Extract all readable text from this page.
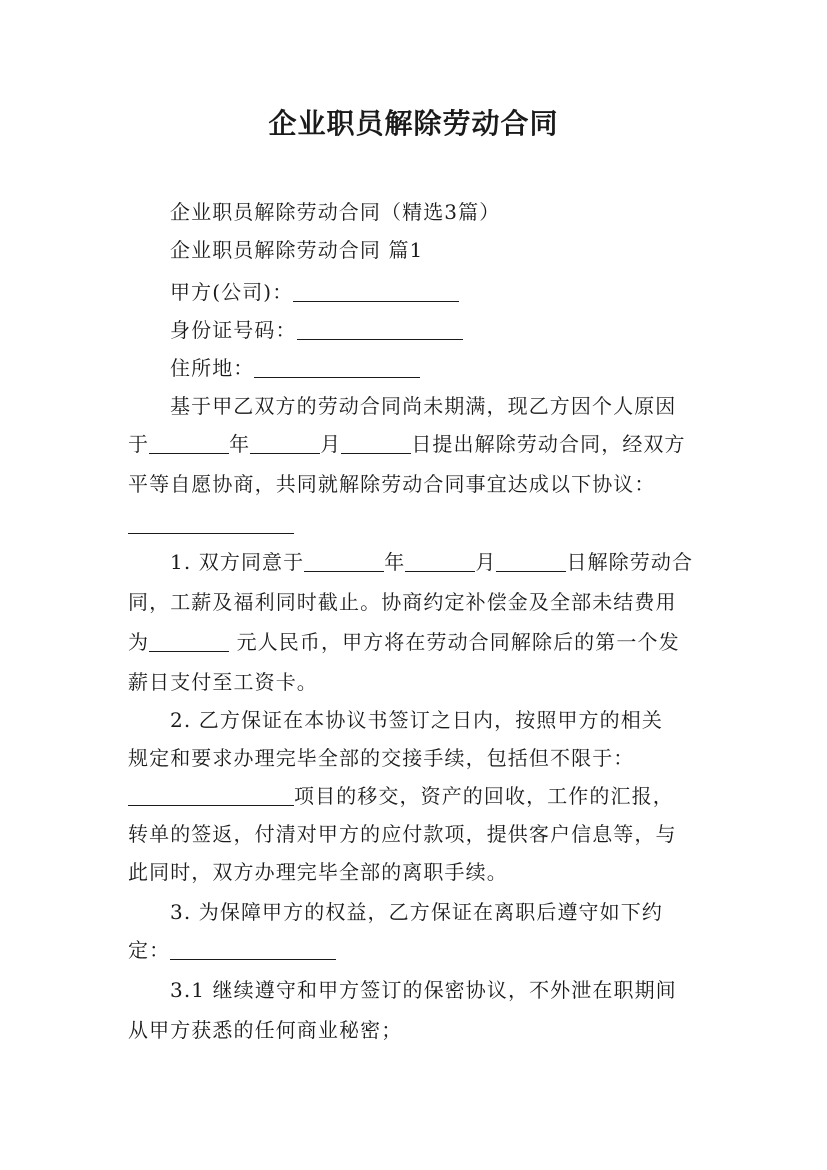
企业职员解除劳动合同
企业职员解除劳动合同（精选3篇）
企业职员解除劳动合同 篇1
甲方(公司)：
身份证号码：
住所地：
基于甲乙双方的劳动合同尚未期满，现乙方因个人原因
于	年	月	日提出解除劳动合同，经双方
平等自愿协商，共同就解除劳动合同事宜达成以下协议：
1. 双方同意于	年	月	日解除劳动合
同，工薪及福利同时截止。协商约定补偿金及全部未结费用
为	元人民币，甲方将在劳动合同解除后的第一个发
薪日支付至工资卡。
2. 乙方保证在本协议书签订之日内，按照甲方的相关
规定和要求办理完毕全部的交接手续，包括但不限于：
项目的移交，资产的回收，工作的汇报，
转单的签返，付清对甲方的应付款项，提供客户信息等，与
此同时，双方办理完毕全部的离职手续。
3. 为保障甲方的权益，乙方保证在离职后遵守如下约
定：
3.1 继续遵守和甲方签订的保密协议，不外泄在职期间
从甲方获悉的任何商业秘密；
